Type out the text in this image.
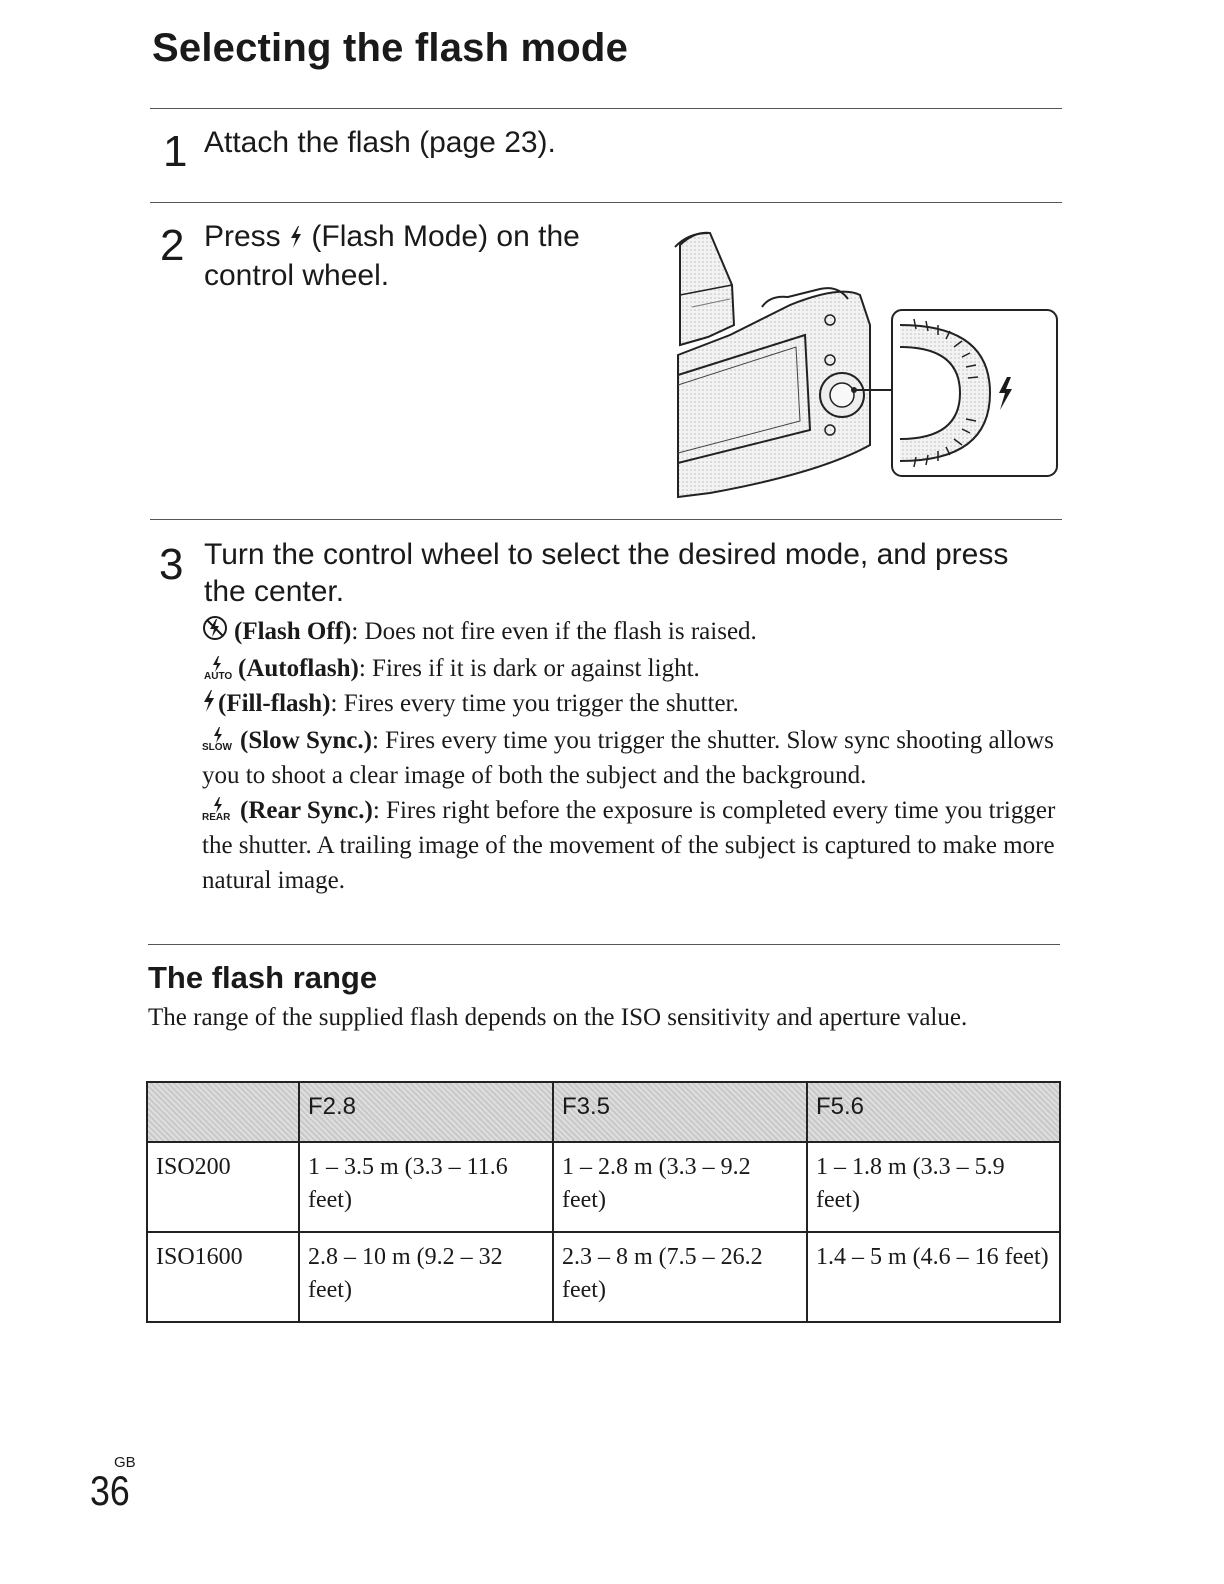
Selecting the flash mode
1 Attach the flash (page 23).
2 Press (Flash Mode) on the control wheel.
3 Turn the control wheel to select the desired mode, and press the center.

(Flash Off): Does not fire even if the flash is raised.

AUTO (Autoflash): Fires if it is dark or against light.

(Fill-flash): Fires every time you trigger the shutter.

SLOW (Slow Sync.): Fires every time you trigger the shutter. Slow sync shooting allows you to shoot a clear image of both the subject and the background.

REAR (Rear Sync.): Fires right before the exposure is completed every time you trigger the shutter. A trailing image of the movement of the subject is captured to make more natural image.

The flash range

The range of the supplied flash depends on the ISO sensitivity and aperture value.

	F2.8	F3.5	F5.6
ISO200	1 – 3.5 m (3.3 – 11.6 feet)	1 – 2.8 m (3.3 – 9.2 feet)	1 – 1.8 m (3.3 – 5.9 feet)
ISO1600	2.8 – 10 m (9.2 – 32 feet)	2.3 – 8 m (7.5 – 26.2 feet)	1.4 – 5 m (4.6 – 16 feet)
GB
36
